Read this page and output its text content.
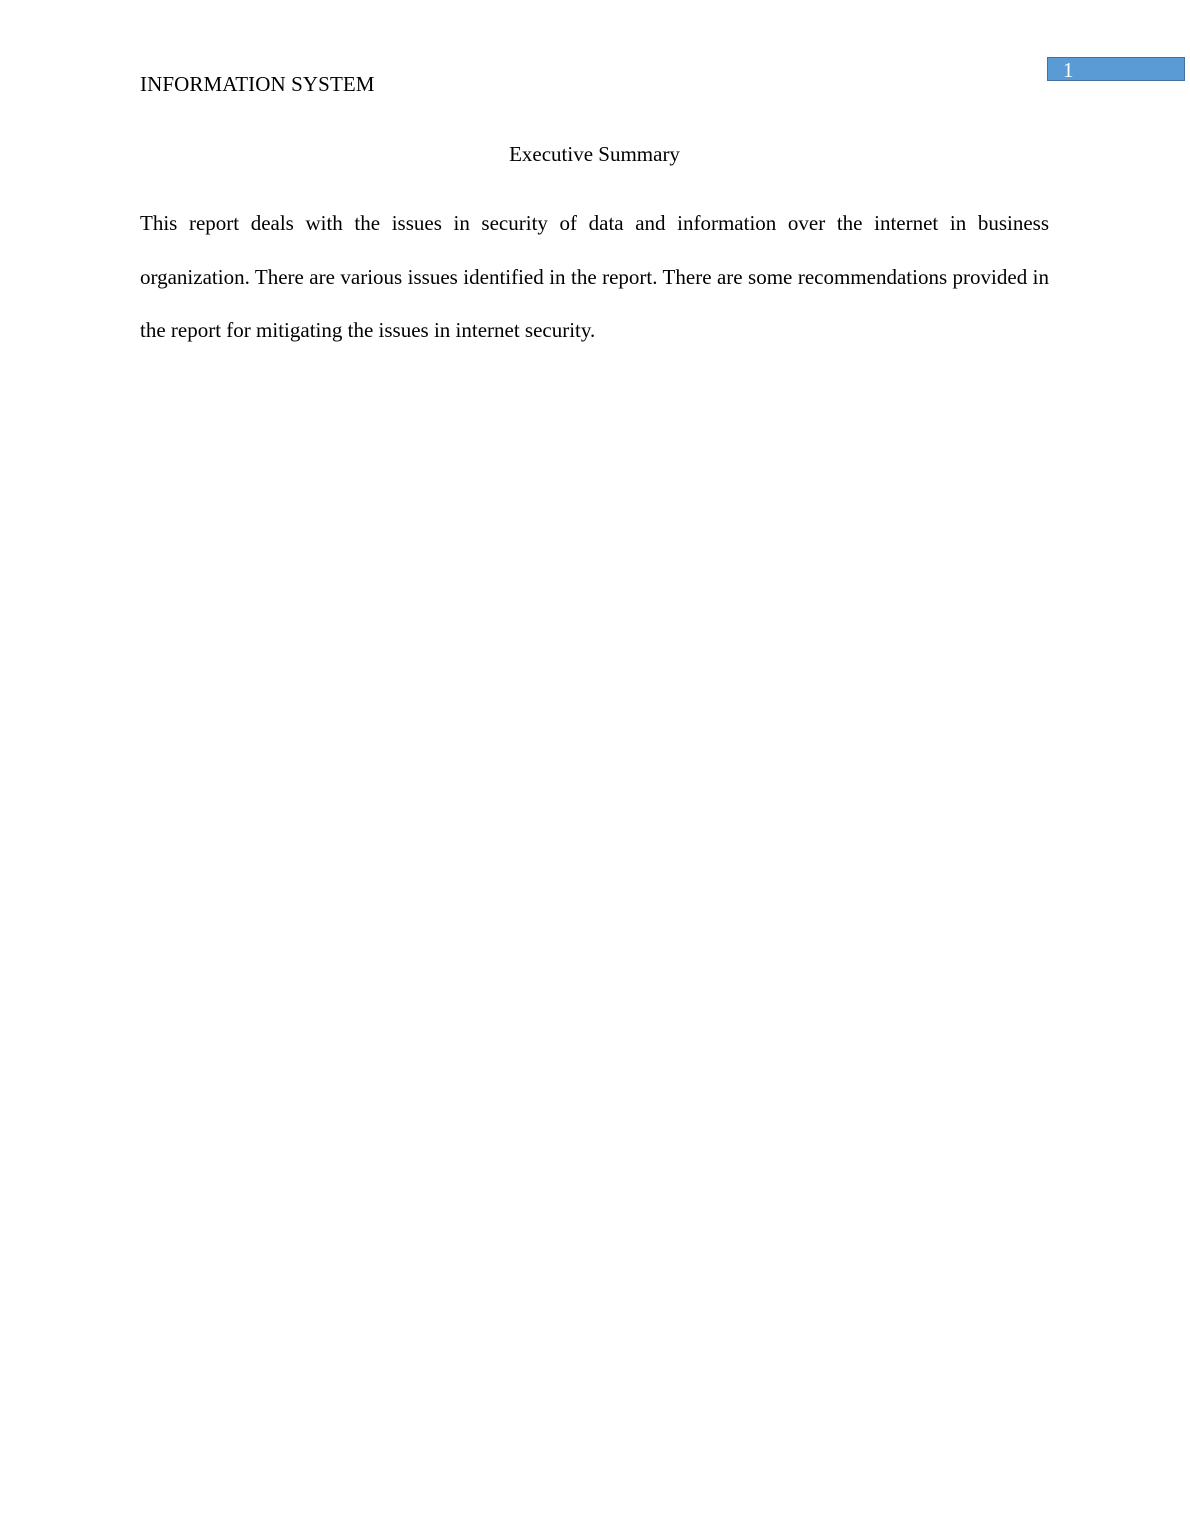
INFORMATION SYSTEM
1
Executive Summary

This report deals with the issues in security of data and information over the internet in business organization. There are various issues identified in the report. There are some recommendations provided in the report for mitigating the issues in internet security.
